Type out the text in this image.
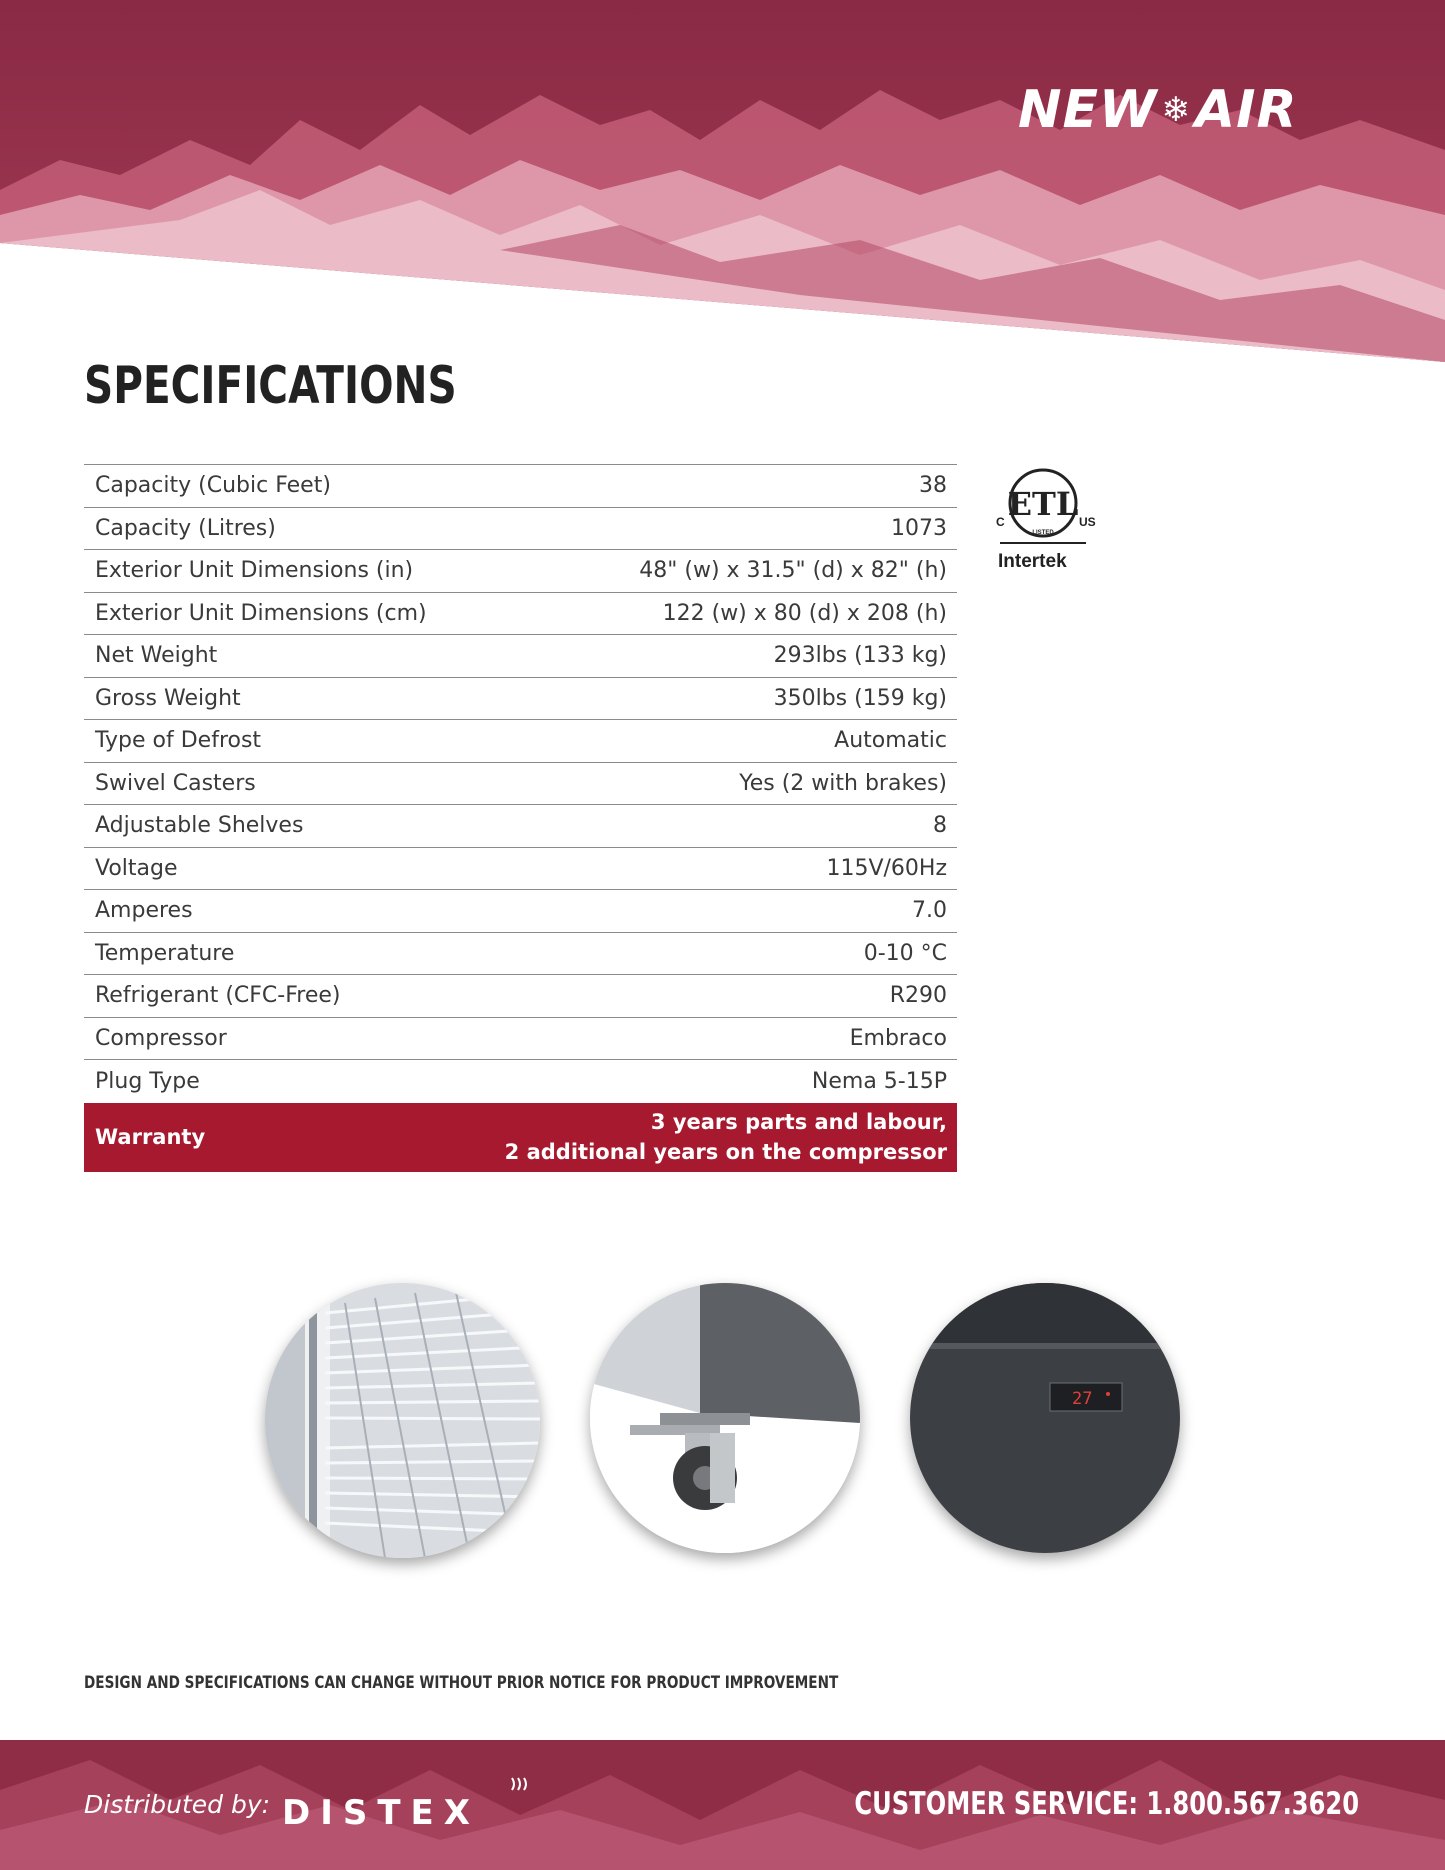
NEW ❄ AIR
SPECIFICATIONS
Capacity (Cubic Feet)	38
Capacity (Litres)	1073
Exterior Unit Dimensions (in)	48" (w) x 31.5" (d) x 82" (h)
Exterior Unit Dimensions (cm)	122 (w) x 80 (d) x 208 (h)
Net Weight	293lbs (133 kg)
Gross Weight	350lbs (159 kg)
Type of Defrost	Automatic
Swivel Casters	Yes (2 with brakes)
Adjustable Shelves	8
Voltage	115V/60Hz
Amperes	7.0
Temperature	0-10 °C
Refrigerant (CFC-Free)	R290
Compressor	Embraco
Plug Type	Nema 5-15P
Warranty
3 years parts and labour,
2 additional years on the compressor
ETL
C	US
LISTED
Intertek
27
DESIGN AND SPECIFICATIONS CAN CHANGE WITHOUT PRIOR NOTICE FOR PRODUCT IMPROVEMENT
Distributed by: DISTEX	CUSTOMER SERVICE: 1.800.567.3620
